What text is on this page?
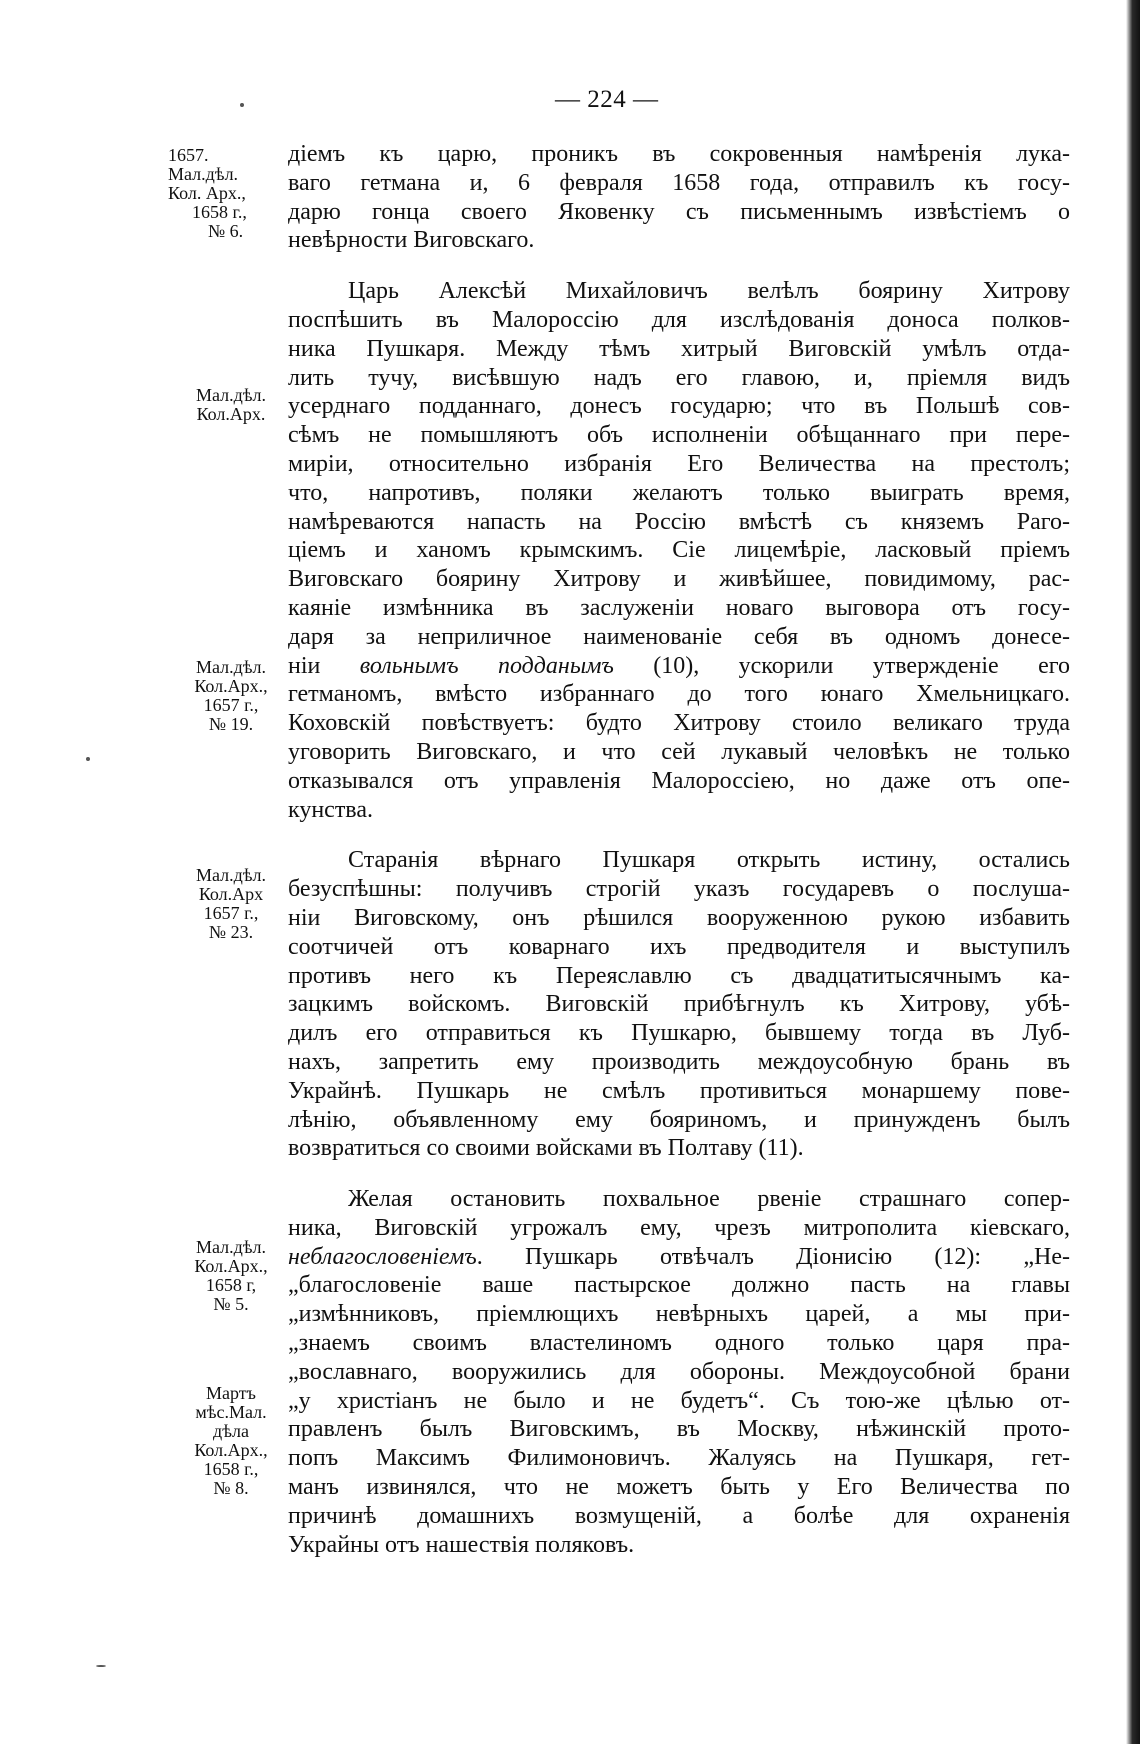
— 224 —
1657.
Мал.дѣл.
Кол. Арх.,
1658 г.,
№ 6.
Мал.дѣл.
Кол.Арх.
Мал.дѣл.
Кол.Арх.,
1657 г.,
№ 19.
Мал.дѣл.
Кол.Арх
1657 г.,
№ 23.
Мал.дѣл.
Кол.Арх.,
1658 г,
№ 5.
Мартъ
мѣс.Мал.
дѣла
Кол.Арх.,
1658 г.,
№ 8.
діемъ къ царю, проникъ въ сокровенныя намѣренія лука-
ваго гетмана и, 6 февраля 1658 года, отправилъ къ госу-
дарю гонца своего Яковенку съ письменнымъ извѣстіемъ о
невѣрности Виговскаго.
Царь Алексѣй Михайловичъ велѣлъ боярину Хитрову
поспѣшить въ Малороссію для изслѣдованія доноса полков-
ника Пушкаря. Между тѣмъ хитрый Виговскій умѣлъ отда-
лить тучу, висѣвшую надъ его главою, и, пріемля видъ
усерднаго подданнаго, донесъ государю; что въ Польшѣ сов-
сѣмъ не помышляютъ объ исполненіи обѣщаннаго при пере-
миріи, относительно избранія Его Величества на престолъ;
что, напротивъ, поляки желаютъ только выиграть время,
намѣреваются напасть на Россію вмѣстѣ съ княземъ Раго-
ціемъ и ханомъ крымскимъ. Сіе лицемѣріе, ласковый пріемъ
Виговскаго боярину Хитрову и живѣйшее, повидимому, рас-
каяніе измѣнника въ заслуженіи новаго выговора отъ госу-
даря за неприличное наименованіе себя въ одномъ донесе-
ніи вольнымъ подданымъ (10), ускорили утвержденіе его
гетманомъ, вмѣсто избраннаго до того юнаго Хмельницкаго.
Коховскій повѣствуетъ: будто Хитрову стоило великаго труда
уговорить Виговскаго, и что сей лукавый человѣкъ не только
отказывался отъ управленія Малороссіею, но даже отъ опе-
кунства.
Старанія вѣрнаго Пушкаря открыть истину, остались
безуспѣшны: получивъ строгій указъ государевъ о послуша-
ніи Виговскому, онъ рѣшился вооруженною рукою избавить
соотчичей отъ коварнаго ихъ предводителя и выступилъ
противъ него къ Переяславлю съ двадцатитысячнымъ ка-
зацкимъ войскомъ. Виговскій прибѣгнулъ къ Хитрову, убѣ-
дилъ его отправиться къ Пушкарю, бывшему тогда въ Луб-
нахъ, запретить ему производить междоусобную брань въ
Украйнѣ. Пушкарь не смѣлъ противиться монаршему пове-
лѣнію, объявленному ему бояриномъ, и принужденъ былъ
возвратиться со своими войсками въ Полтаву (11).
Желая остановить похвальное рвеніе страшнаго сопер-
ника, Виговскій угрожалъ ему, чрезъ митрополита кіевскаго,
неблагословеніемъ. Пушкарь отвѣчалъ Діонисію (12): „Не-
„благословеніе ваше пастырское должно пасть на главы
„измѣнниковъ, пріемлющихъ невѣрныхъ царей, а мы при-
„знаемъ своимъ властелиномъ одного только царя пра-
„вославнаго, вооружились для обороны. Междоусобной брани
„у христіанъ не было и не будетъ“. Съ тою-же цѣлью от-
правленъ былъ Виговскимъ, въ Москву, нѣжинскій прото-
попъ Максимъ Филимоновичъ. Жалуясь на Пушкаря, гет-
манъ извинялся, что не можетъ быть у Его Величества по
причинѣ домашнихъ возмущеній, а болѣе для охраненія
Украйны отъ нашествія поляковъ.
